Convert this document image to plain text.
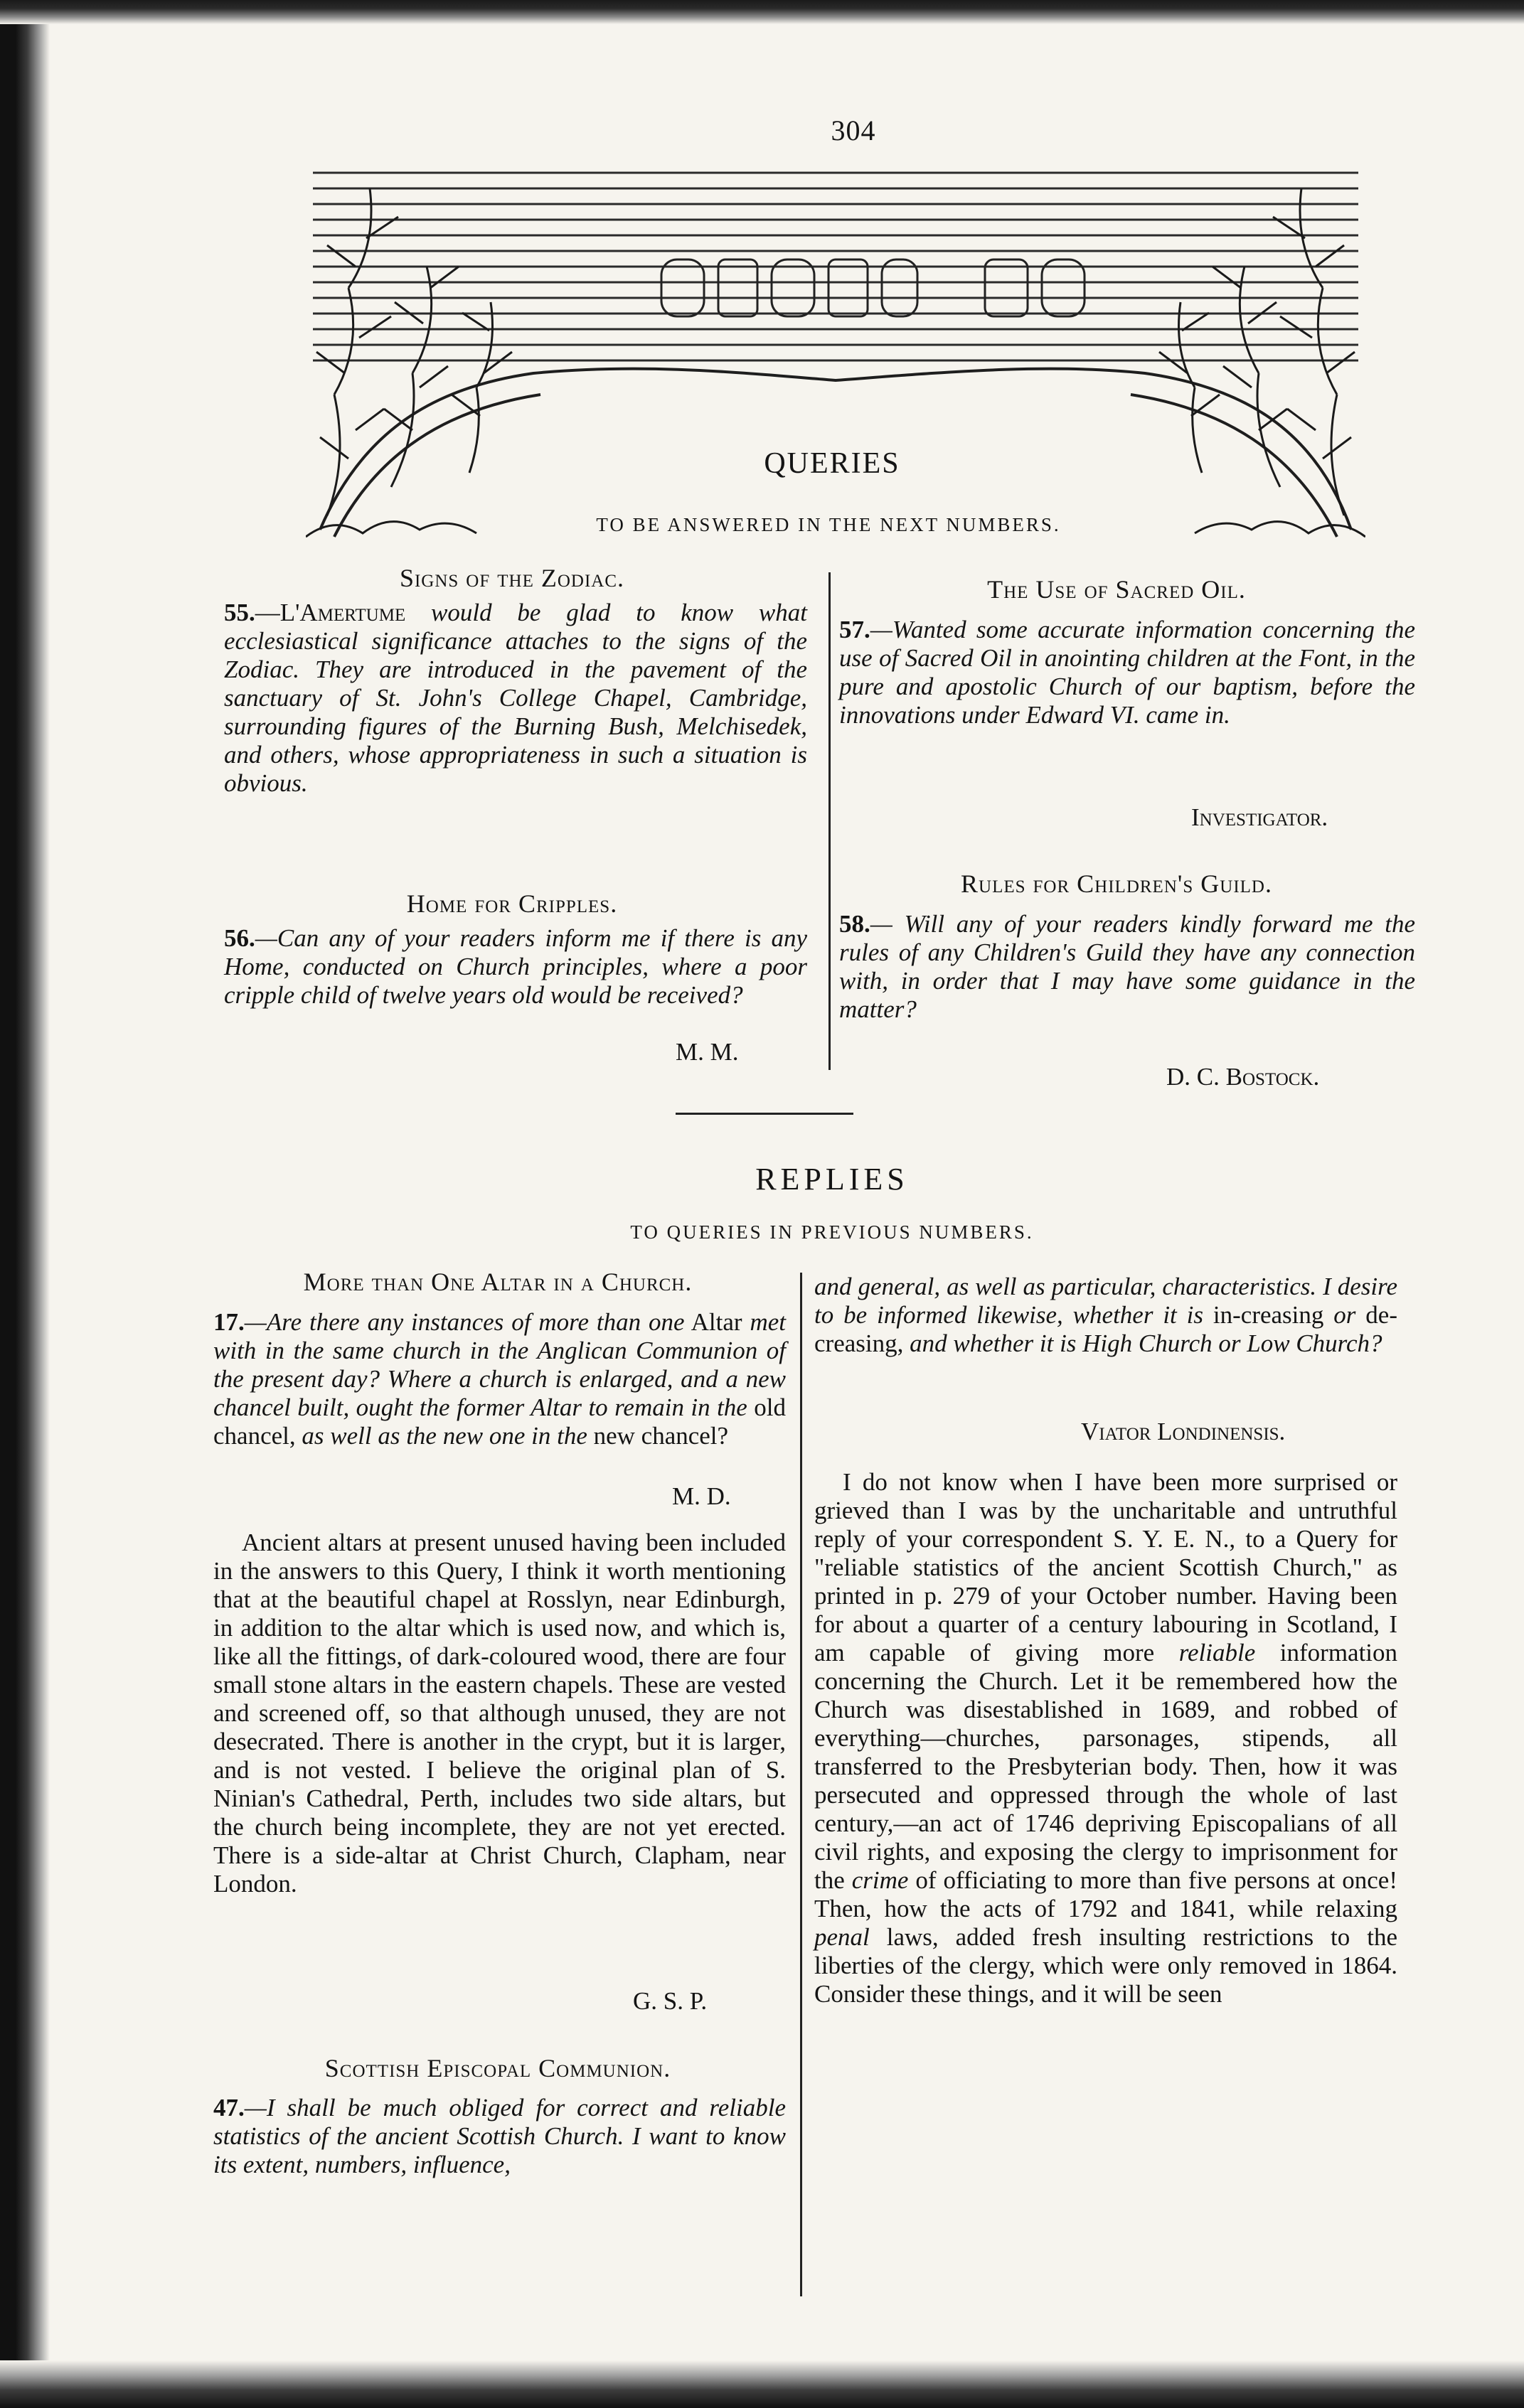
304
QUERIES
TO BE ANSWERED IN THE NEXT NUMBERS.
Signs of the Zodiac.
55.—L'Amertume would be glad to know what ecclesiastical significance attaches to the signs of the Zodiac. They are introduced in the pavement of the sanctuary of St. John's College Chapel, Cambridge, surrounding figures of the Burning Bush, Melchisedek, and others, whose appropriateness in such a situation is obvious.
Home for Cripples.
56.—Can any of your readers inform me if there is any Home, conducted on Church principles, where a poor cripple child of twelve years old would be received?
M. M.
The Use of Sacred Oil.
57.—Wanted some accurate information concerning the use of Sacred Oil in anointing children at the Font, in the pure and apostolic Church of our baptism, before the innovations under Edward VI. came in.
Investigator.
Rules for Children's Guild.
58.— Will any of your readers kindly forward me the rules of any Children's Guild they have any connection with, in order that I may have some guidance in the matter?
D. C. Bostock.
REPLIES
TO QUERIES IN PREVIOUS NUMBERS.
More than One Altar in a Church.
17.—Are there any instances of more than one Altar met with in the same church in the Anglican Communion of the present day? Where a church is enlarged, and a new chancel built, ought the former Altar to remain in the old chancel, as well as the new one in the new chancel?
M. D.
Ancient altars at present unused having been included in the answers to this Query, I think it worth mentioning that at the beautiful chapel at Rosslyn, near Edinburgh, in addition to the altar which is used now, and which is, like all the fittings, of dark-coloured wood, there are four small stone altars in the eastern chapels. These are vested and screened off, so that although unused, they are not desecrated. There is another in the crypt, but it is larger, and is not vested. I believe the original plan of S. Ninian's Cathedral, Perth, includes two side altars, but the church being incomplete, they are not yet erected. There is a side-altar at Christ Church, Clapham, near London.
G. S. P.
Scottish Episcopal Communion.
47.—I shall be much obliged for correct and reliable statistics of the ancient Scottish Church. I want to know its extent, numbers, influence,
and general, as well as particular, characteristics. I desire to be informed likewise, whether it is in-creasing or de-creasing, and whether it is High Church or Low Church?
Viator Londinensis.
I do not know when I have been more surprised or grieved than I was by the uncharitable and untruthful reply of your correspondent S. Y. E. N., to a Query for "reliable statistics of the ancient Scottish Church," as printed in p. 279 of your October number. Having been for about a quarter of a century labouring in Scotland, I am capable of giving more reliable information concerning the Church. Let it be remembered how the Church was disestablished in 1689, and robbed of everything—churches, parsonages, stipends, all transferred to the Presbyterian body. Then, how it was persecuted and oppressed through the whole of last century,—an act of 1746 depriving Episcopalians of all civil rights, and exposing the clergy to imprisonment for the crime of officiating to more than five persons at once! Then, how the acts of 1792 and 1841, while relaxing penal laws, added fresh insulting restrictions to the liberties of the clergy, which were only removed in 1864. Consider these things, and it will be seen
